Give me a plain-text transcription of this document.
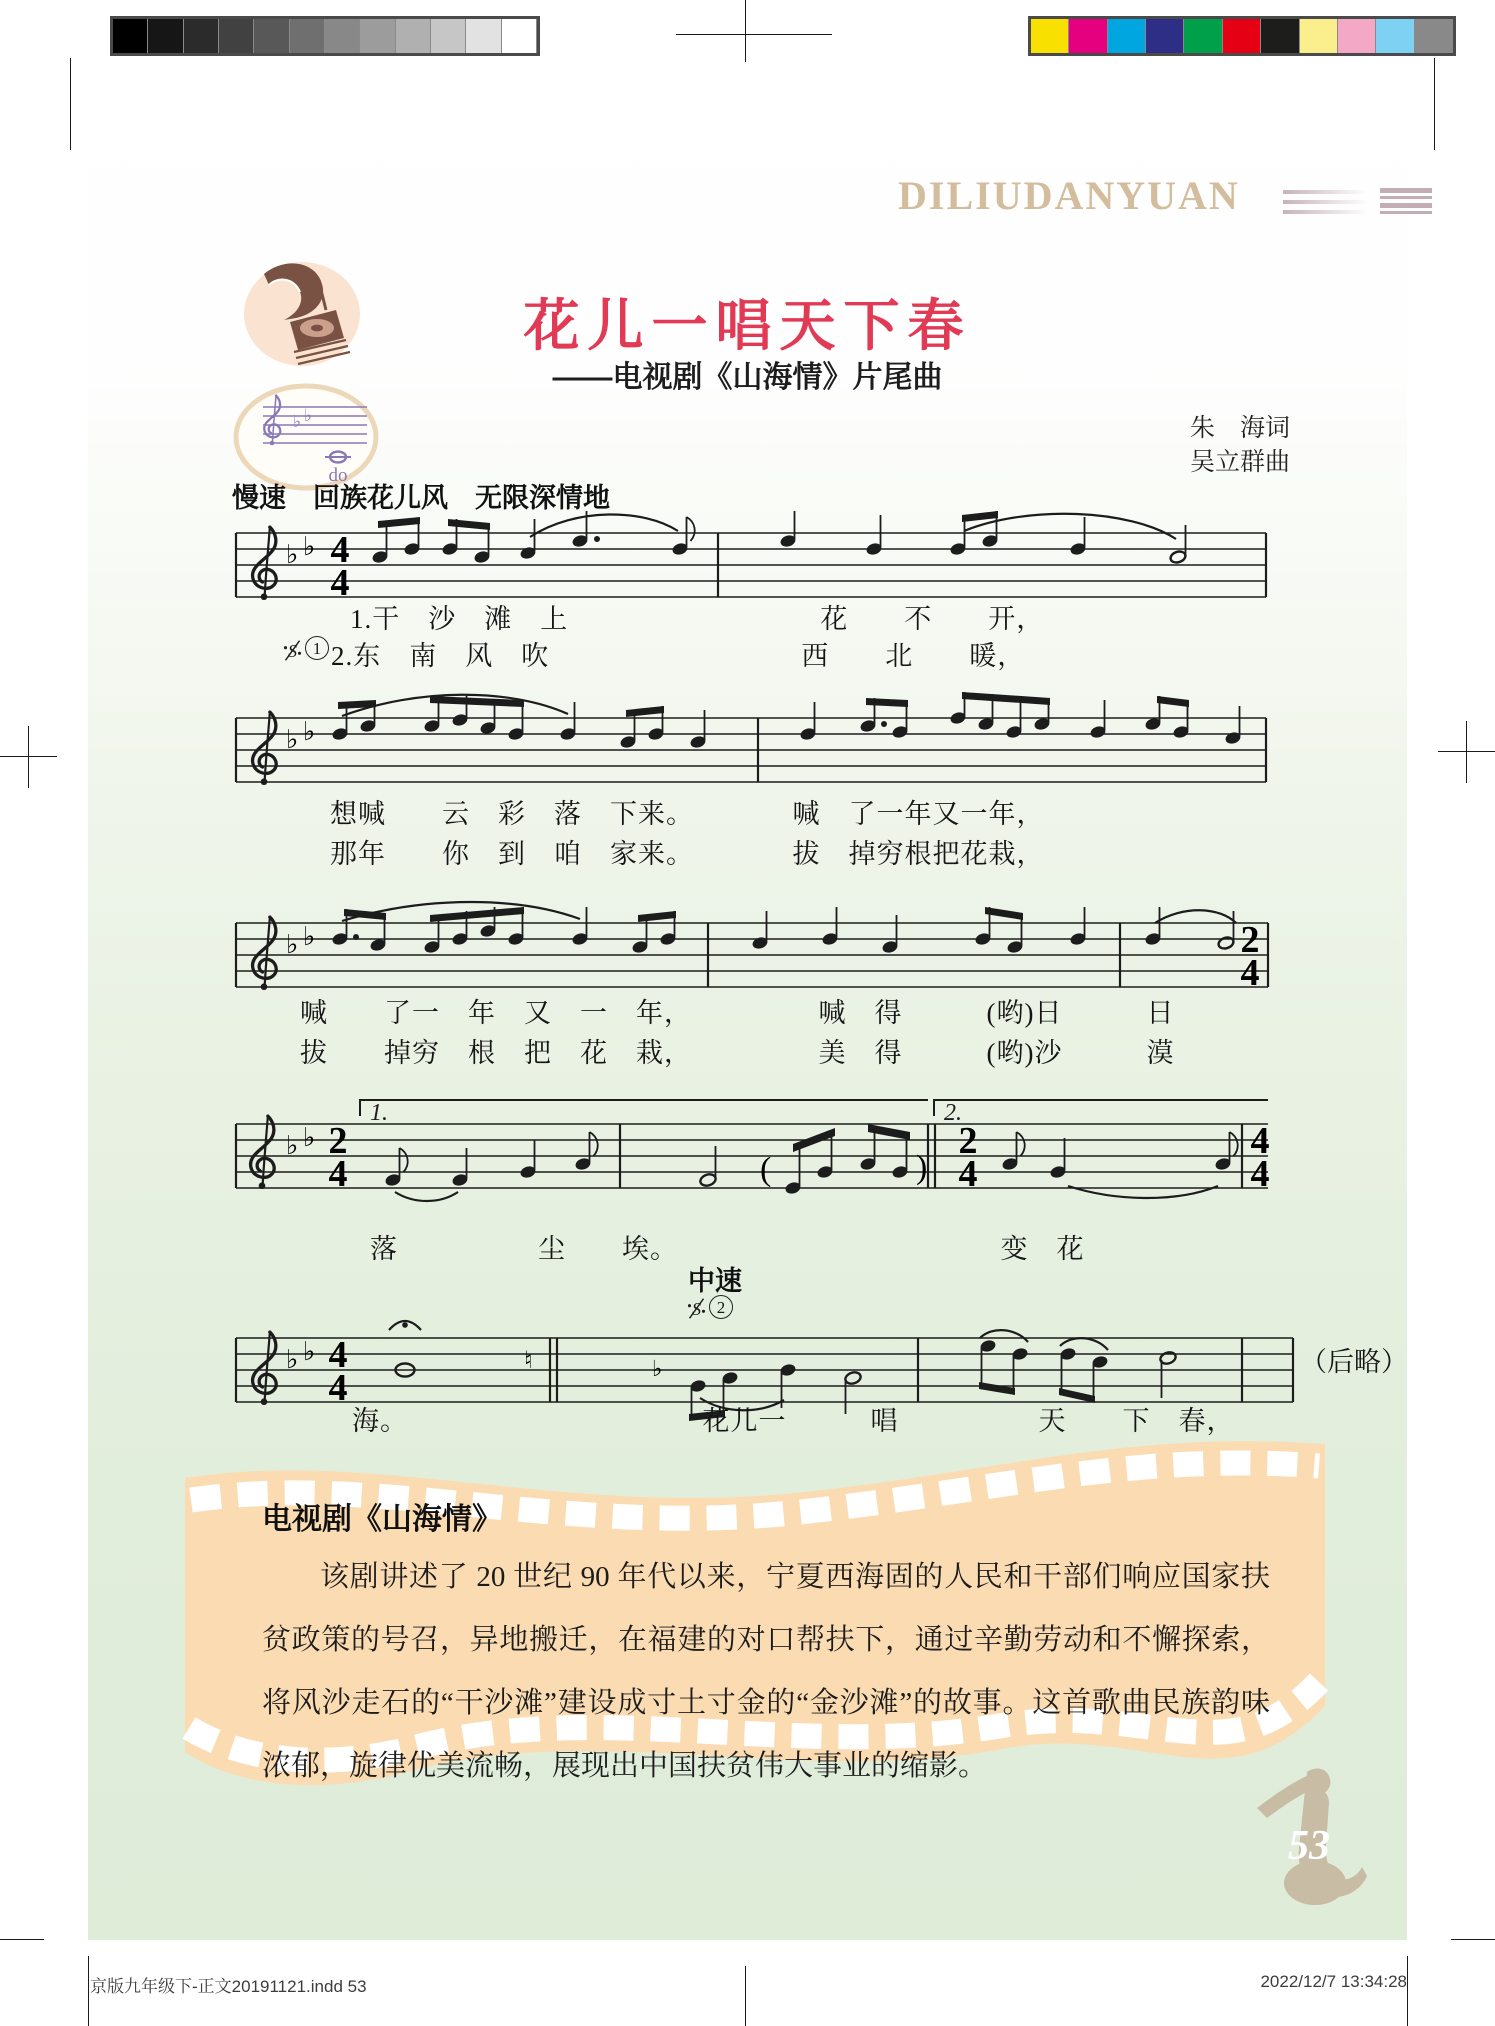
DILIUDANYUAN
花儿一唱天下春
——电视剧《山海情》片尾曲
朱　海词
吴立群曲
♭ ♭
do
慢速　回族花儿风　无限深情地
♭ ♭ 4
4
1.干　沙　滩　上　　　　　　　　　花　　不　　开，
1 2.东　南　风　吹　　　　　　　　　西　　北　　暖，
♭ ♭
想喊　　云　彩　落　下来。　　　　喊　了一年又一年，
那年　　你　到　咱　家来。　　　　拔　掉穷根把花栽，
♭ ♭	2
4
喊　　了一　年　又　一　年，　　　　　喊　得　　　(哟)日　　　日
拔　　掉穷　根　把　花　栽，　　　　　美　得　　　(哟)沙　　　漠
♭ ♭ 2
4
1.	2.
(	)
2
4
4
4
落　　　　　尘　　埃。　　　　　　　　　　　　变　花
中速
2
♭ ♭ 4
4
♮	♭	（后略）
海。　　　　　　　　　　　花儿一　　　唱　　　　　天　　下　春，
电视剧《山海情》
该剧讲述了 20 世纪 90 年代以来，宁夏西海固的人民和干部们响应国家扶贫政策的号召，异地搬迁，在福建的对口帮扶下，通过辛勤劳动和不懈探索，将风沙走石的“干沙滩”建设成寸土寸金的“金沙滩”的故事。这首歌曲民族韵味浓郁，旋律优美流畅，展现出中国扶贫伟大事业的缩影。
53
京版九年级下-正文20191121.indd 53	2022/12/7 13:34:28
